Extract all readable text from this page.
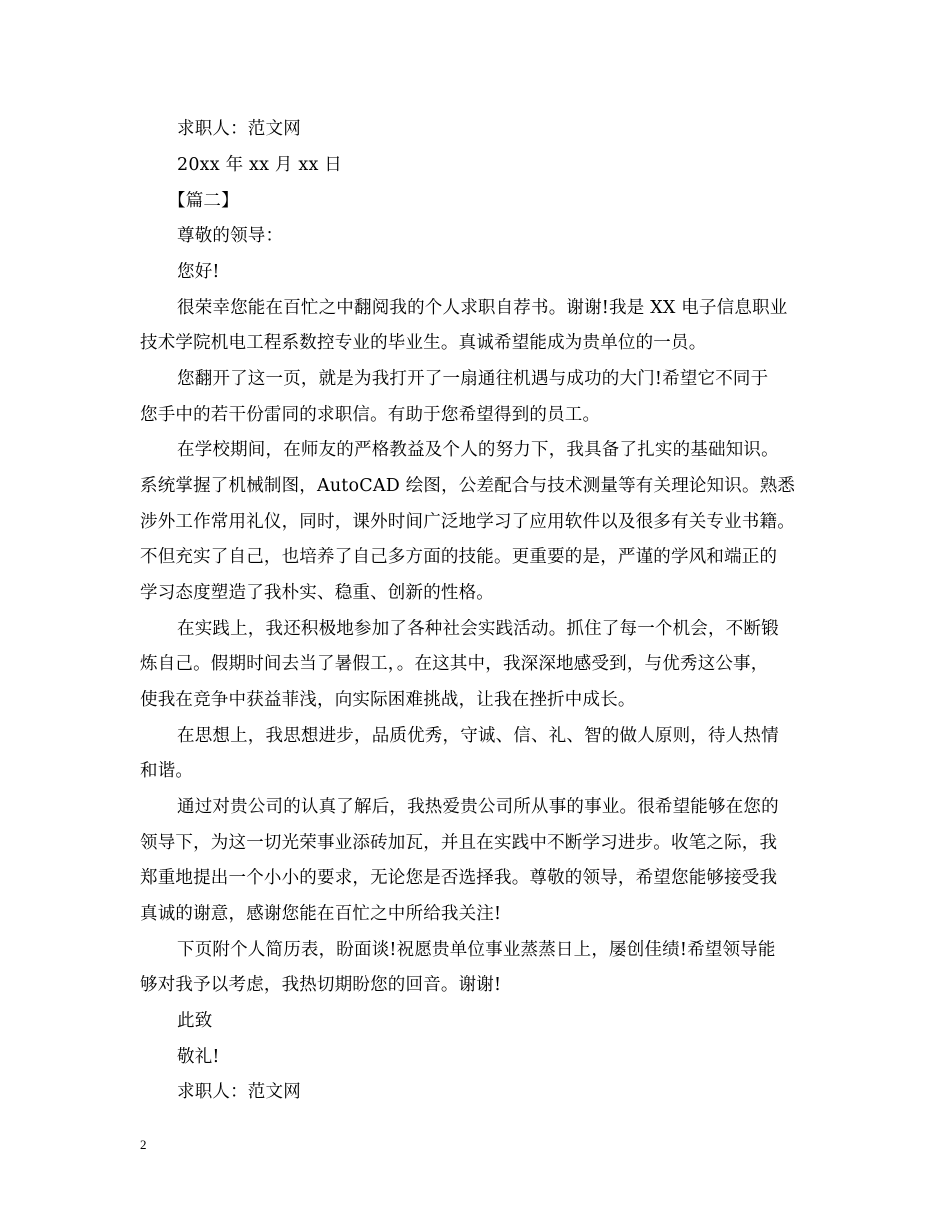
求职人：范文网
20xx 年 xx 月 xx 日
【篇二】
尊敬的领导：
您好!
很荣幸您能在百忙之中翻阅我的个人求职自荐书。谢谢!我是 XX 电子信息职业
技术学院机电工程系数控专业的毕业生。真诚希望能成为贵单位的一员。
您翻开了这一页，就是为我打开了一扇通往机遇与成功的大门!希望它不同于
您手中的若干份雷同的求职信。有助于您希望得到的员工。
在学校期间，在师友的严格教益及个人的努力下，我具备了扎实的基础知识。
系统掌握了机械制图，AutoCAD 绘图，公差配合与技术测量等有关理论知识。熟悉
涉外工作常用礼仪，同时，课外时间广泛地学习了应用软件以及很多有关专业书籍。
不但充实了自己，也培养了自己多方面的技能。更重要的是，严谨的学风和端正的
学习态度塑造了我朴实、稳重、创新的性格。
在实践上，我还积极地参加了各种社会实践活动。抓住了每一个机会，不断锻
炼自己。假期时间去当了暑假工，。在这其中，我深深地感受到，与优秀这公事，
使我在竞争中获益菲浅，向实际困难挑战，让我在挫折中成长。
在思想上，我思想进步，品质优秀，守诚、信、礼、智的做人原则，待人热情
和谐。
通过对贵公司的认真了解后，我热爱贵公司所从事的事业。很希望能够在您的
领导下，为这一切光荣事业添砖加瓦，并且在实践中不断学习进步。收笔之际，我
郑重地提出一个小小的要求，无论您是否选择我。尊敬的领导，希望您能够接受我
真诚的谢意，感谢您能在百忙之中所给我关注!
下页附个人简历表，盼面谈!祝愿贵单位事业蒸蒸日上，屡创佳绩!希望领导能
够对我予以考虑，我热切期盼您的回音。谢谢!
此致
敬礼!
求职人：范文网
2
